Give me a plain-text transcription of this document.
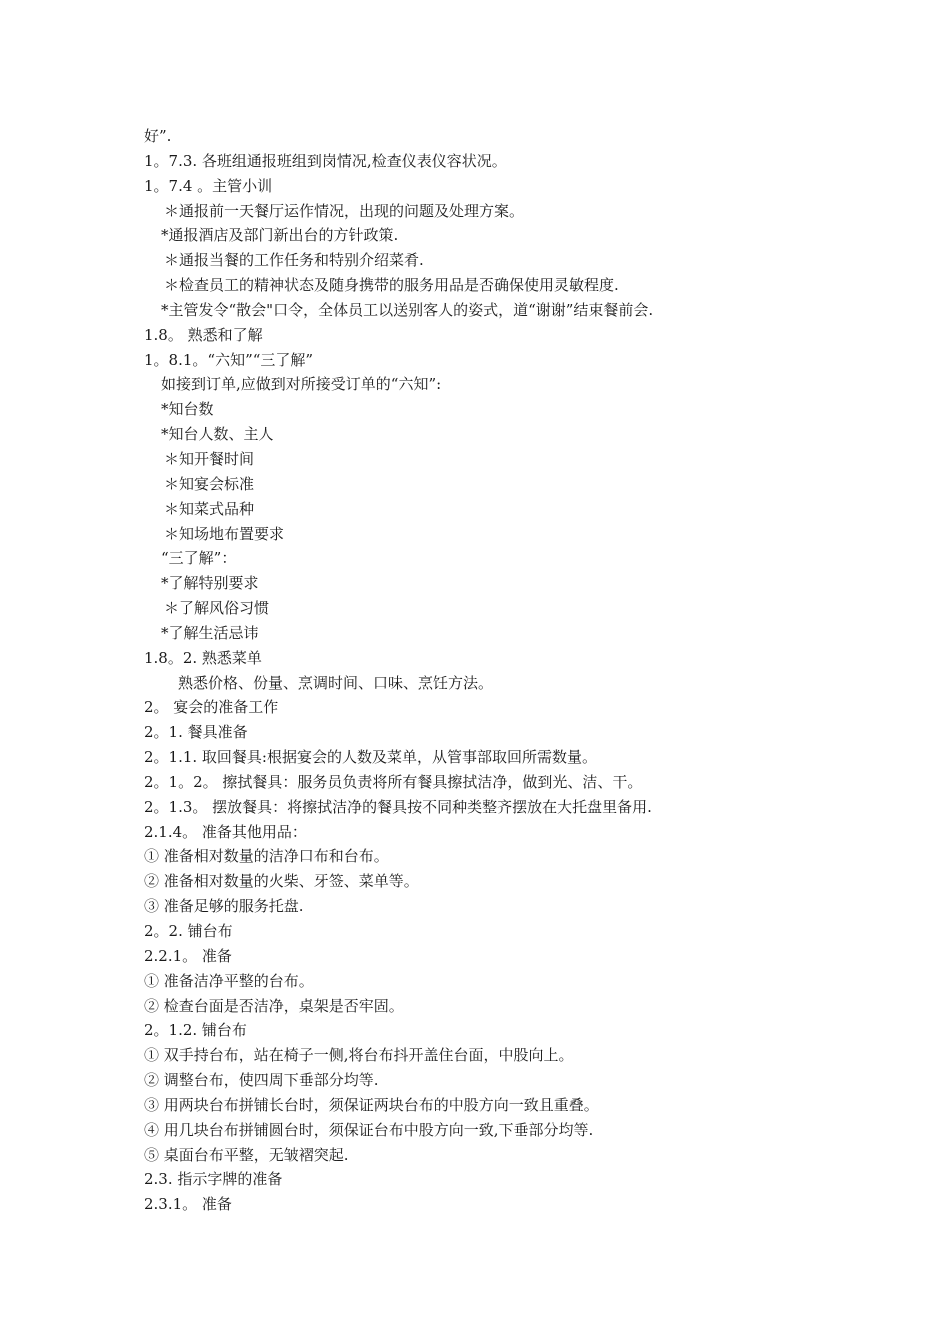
好”.
1。7.3. 各班组通报班组到岗情况,检查仪表仪容状况。
1。7.4 。主管小训
＊通报前一天餐厅运作情况，出现的问题及处理方案。
*通报酒店及部门新出台的方针政策.
＊通报当餐的工作任务和特别介绍菜肴.
＊检查员工的精神状态及随身携带的服务用品是否确保使用灵敏程度.
*主管发令“散会"口令，全体员工以送别客人的姿式，道“谢谢”结束餐前会.
1.8。 熟悉和了解
1。8.1。“六知”“三了解”
如接到订单,应做到对所接受订单的“六知”:
*知台数
*知台人数、主人
＊知开餐时间
＊知宴会标准
＊知菜式品种
＊知场地布置要求
“三了解”：
*了解特别要求
＊了解风俗习惯
*了解生活忌讳
1.8。2. 熟悉菜单
熟悉价格、份量、烹调时间、口味、烹饪方法。
2。 宴会的准备工作
2。1. 餐具准备
2。1.1. 取回餐具:根据宴会的人数及菜单，从管事部取回所需数量。
2。1。2。 擦拭餐具：服务员负责将所有餐具擦拭洁净，做到光、洁、干。
2。1.3。 摆放餐具：将擦拭洁净的餐具按不同种类整齐摆放在大托盘里备用.
2.1.4。 准备其他用品：
① 准备相对数量的洁净口布和台布。
② 准备相对数量的火柴、牙签、菜单等。
③ 准备足够的服务托盘.
2。2. 铺台布
2.2.1。 准备
① 准备洁净平整的台布。
② 检查台面是否洁净，桌架是否牢固。
2。1.2. 铺台布
① 双手持台布，站在椅子一侧,将台布抖开盖住台面，中股向上。
② 调整台布，使四周下垂部分均等.
③ 用两块台布拼铺长台时，须保证两块台布的中股方向一致且重叠。
④ 用几块台布拼铺圆台时，须保证台布中股方向一致,下垂部分均等.
⑤ 桌面台布平整，无皱褶突起.
2.3. 指示字牌的准备
2.3.1。 准备
